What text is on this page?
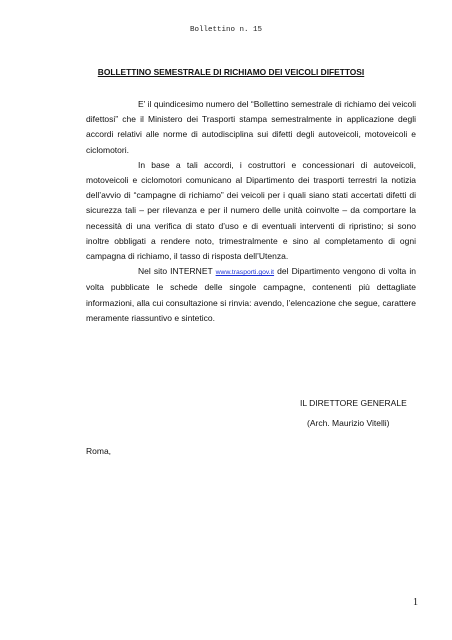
Bollettino n. 15
BOLLETTINO SEMESTRALE DI RICHIAMO DEI VEICOLI DIFETTOSI

E’ il quindicesimo numero del “Bollettino semestrale di richiamo dei veicoli difettosi” che il Ministero dei Trasporti stampa semestralmente in applicazione degli accordi relativi alle norme di autodisciplina sui difetti degli autoveicoli, motoveicoli e ciclomotori.

In base a tali accordi, i costruttori e concessionari di autoveicoli, motoveicoli e ciclomotori comunicano al Dipartimento dei trasporti terrestri la notizia dell’avvio di “campagne di richiamo” dei veicoli per i quali siano stati accertati difetti di sicurezza tali – per rilevanza e per il numero delle unità coinvolte – da comportare la necessità di una verifica di stato d’uso e di eventuali interventi di ripristino; si sono inoltre obbligati a rendere noto, trimestralmente e sino al completamento di ogni campagna di richiamo, il tasso di risposta dell’Utenza.

Nel sito INTERNET www.trasporti.gov.it del Dipartimento vengono di volta in volta pubblicate le schede delle singole campagne, contenenti più dettagliate informazioni, alla cui consultazione si rinvia: avendo, l’elencazione che segue, carattere meramente riassuntivo e sintetico.

IL DIRETTORE GENERALE
(Arch. Maurizio Vitelli)
Roma,
1
